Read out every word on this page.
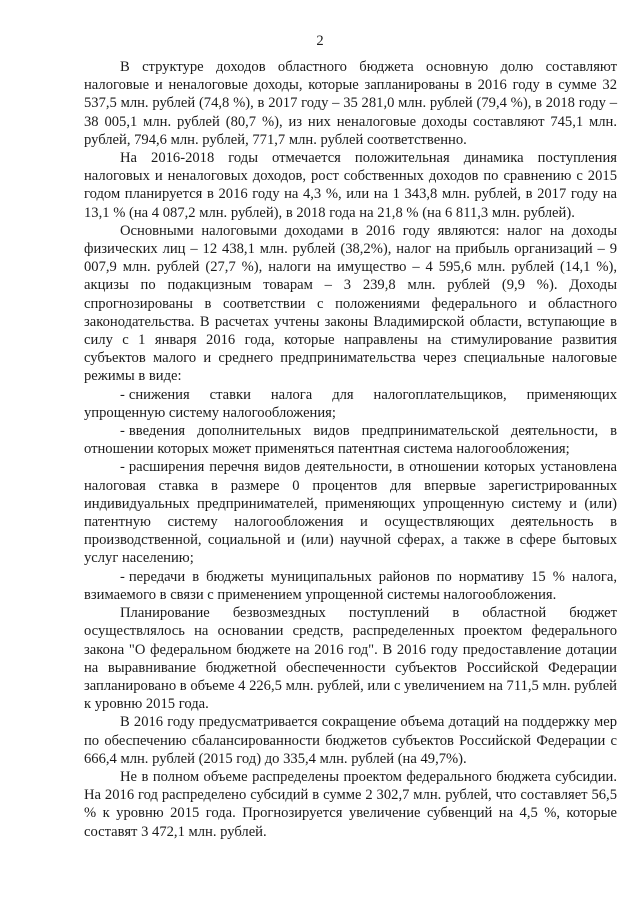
2

В структуре доходов областного бюджета основную долю составляют налоговые и неналоговые доходы, которые запланированы в 2016 году в сумме 32 537,5 млн. рублей (74,8 %), в 2017 году – 35 281,0 млн. рублей (79,4 %), в 2018 году – 38 005,1 млн. рублей (80,7 %), из них неналоговые доходы составляют 745,1 млн. рублей, 794,6 млн. рублей, 771,7 млн. рублей соответственно.

На 2016-2018 годы отмечается положительная динамика поступления налоговых и неналоговых доходов, рост собственных доходов по сравнению с 2015 годом планируется в 2016 году на 4,3 %, или на 1 343,8 млн. рублей, в 2017 году на 13,1 % (на 4 087,2 млн. рублей), в 2018 года на 21,8 % (на 6 811,3 млн. рублей).

Основными налоговыми доходами в 2016 году являются: налог на доходы физических лиц – 12 438,1 млн. рублей (38,2%), налог на прибыль организаций – 9 007,9 млн. рублей (27,7 %), налоги на имущество – 4 595,6 млн. рублей (14,1 %), акцизы по подакцизным товарам – 3 239,8 млн. рублей (9,9 %). Доходы спрогнозированы в соответствии с положениями федерального и областного законодательства. В расчетах учтены законы Владимирской области, вступающие в силу с 1 января 2016 года, которые направлены на стимулирование развития субъектов малого и среднего предпринимательства через специальные налоговые режимы в виде:

- снижения ставки налога для налогоплательщиков, применяющих упрощенную систему налогообложения;

- введения дополнительных видов предпринимательской деятельности, в отношении которых может применяться патентная система налогообложения;

- расширения перечня видов деятельности, в отношении которых установлена налоговая ставка в размере 0 процентов для впервые зарегистрированных индивидуальных предпринимателей, применяющих упрощенную систему и (или) патентную систему налогообложения и осуществляющих деятельность в производственной, социальной и (или) научной сферах, а также в сфере бытовых услуг населению;

- передачи в бюджеты муниципальных районов по нормативу 15 % налога, взимаемого в связи с применением упрощенной системы налогообложения.

Планирование безвозмездных поступлений в областной бюджет осуществлялось на основании средств, распределенных проектом федерального закона "О федеральном бюджете на 2016 год". В 2016 году предоставление дотации на выравнивание бюджетной обеспеченности субъектов Российской Федерации запланировано в объеме 4 226,5 млн. рублей, или с увеличением на 711,5 млн. рублей к уровню 2015 года.

В 2016 году предусматривается сокращение объема дотаций на поддержку мер по обеспечению сбалансированности бюджетов субъектов Российской Федерации с 666,4 млн. рублей (2015 год) до 335,4 млн. рублей (на 49,7%).

Не в полном объеме распределены проектом федерального бюджета субсидии. На 2016 год распределено субсидий в сумме 2 302,7 млн. рублей, что составляет 56,5 % к уровню 2015 года. Прогнозируется увеличение субвенций на 4,5 %, которые составят 3 472,1 млн. рублей.
